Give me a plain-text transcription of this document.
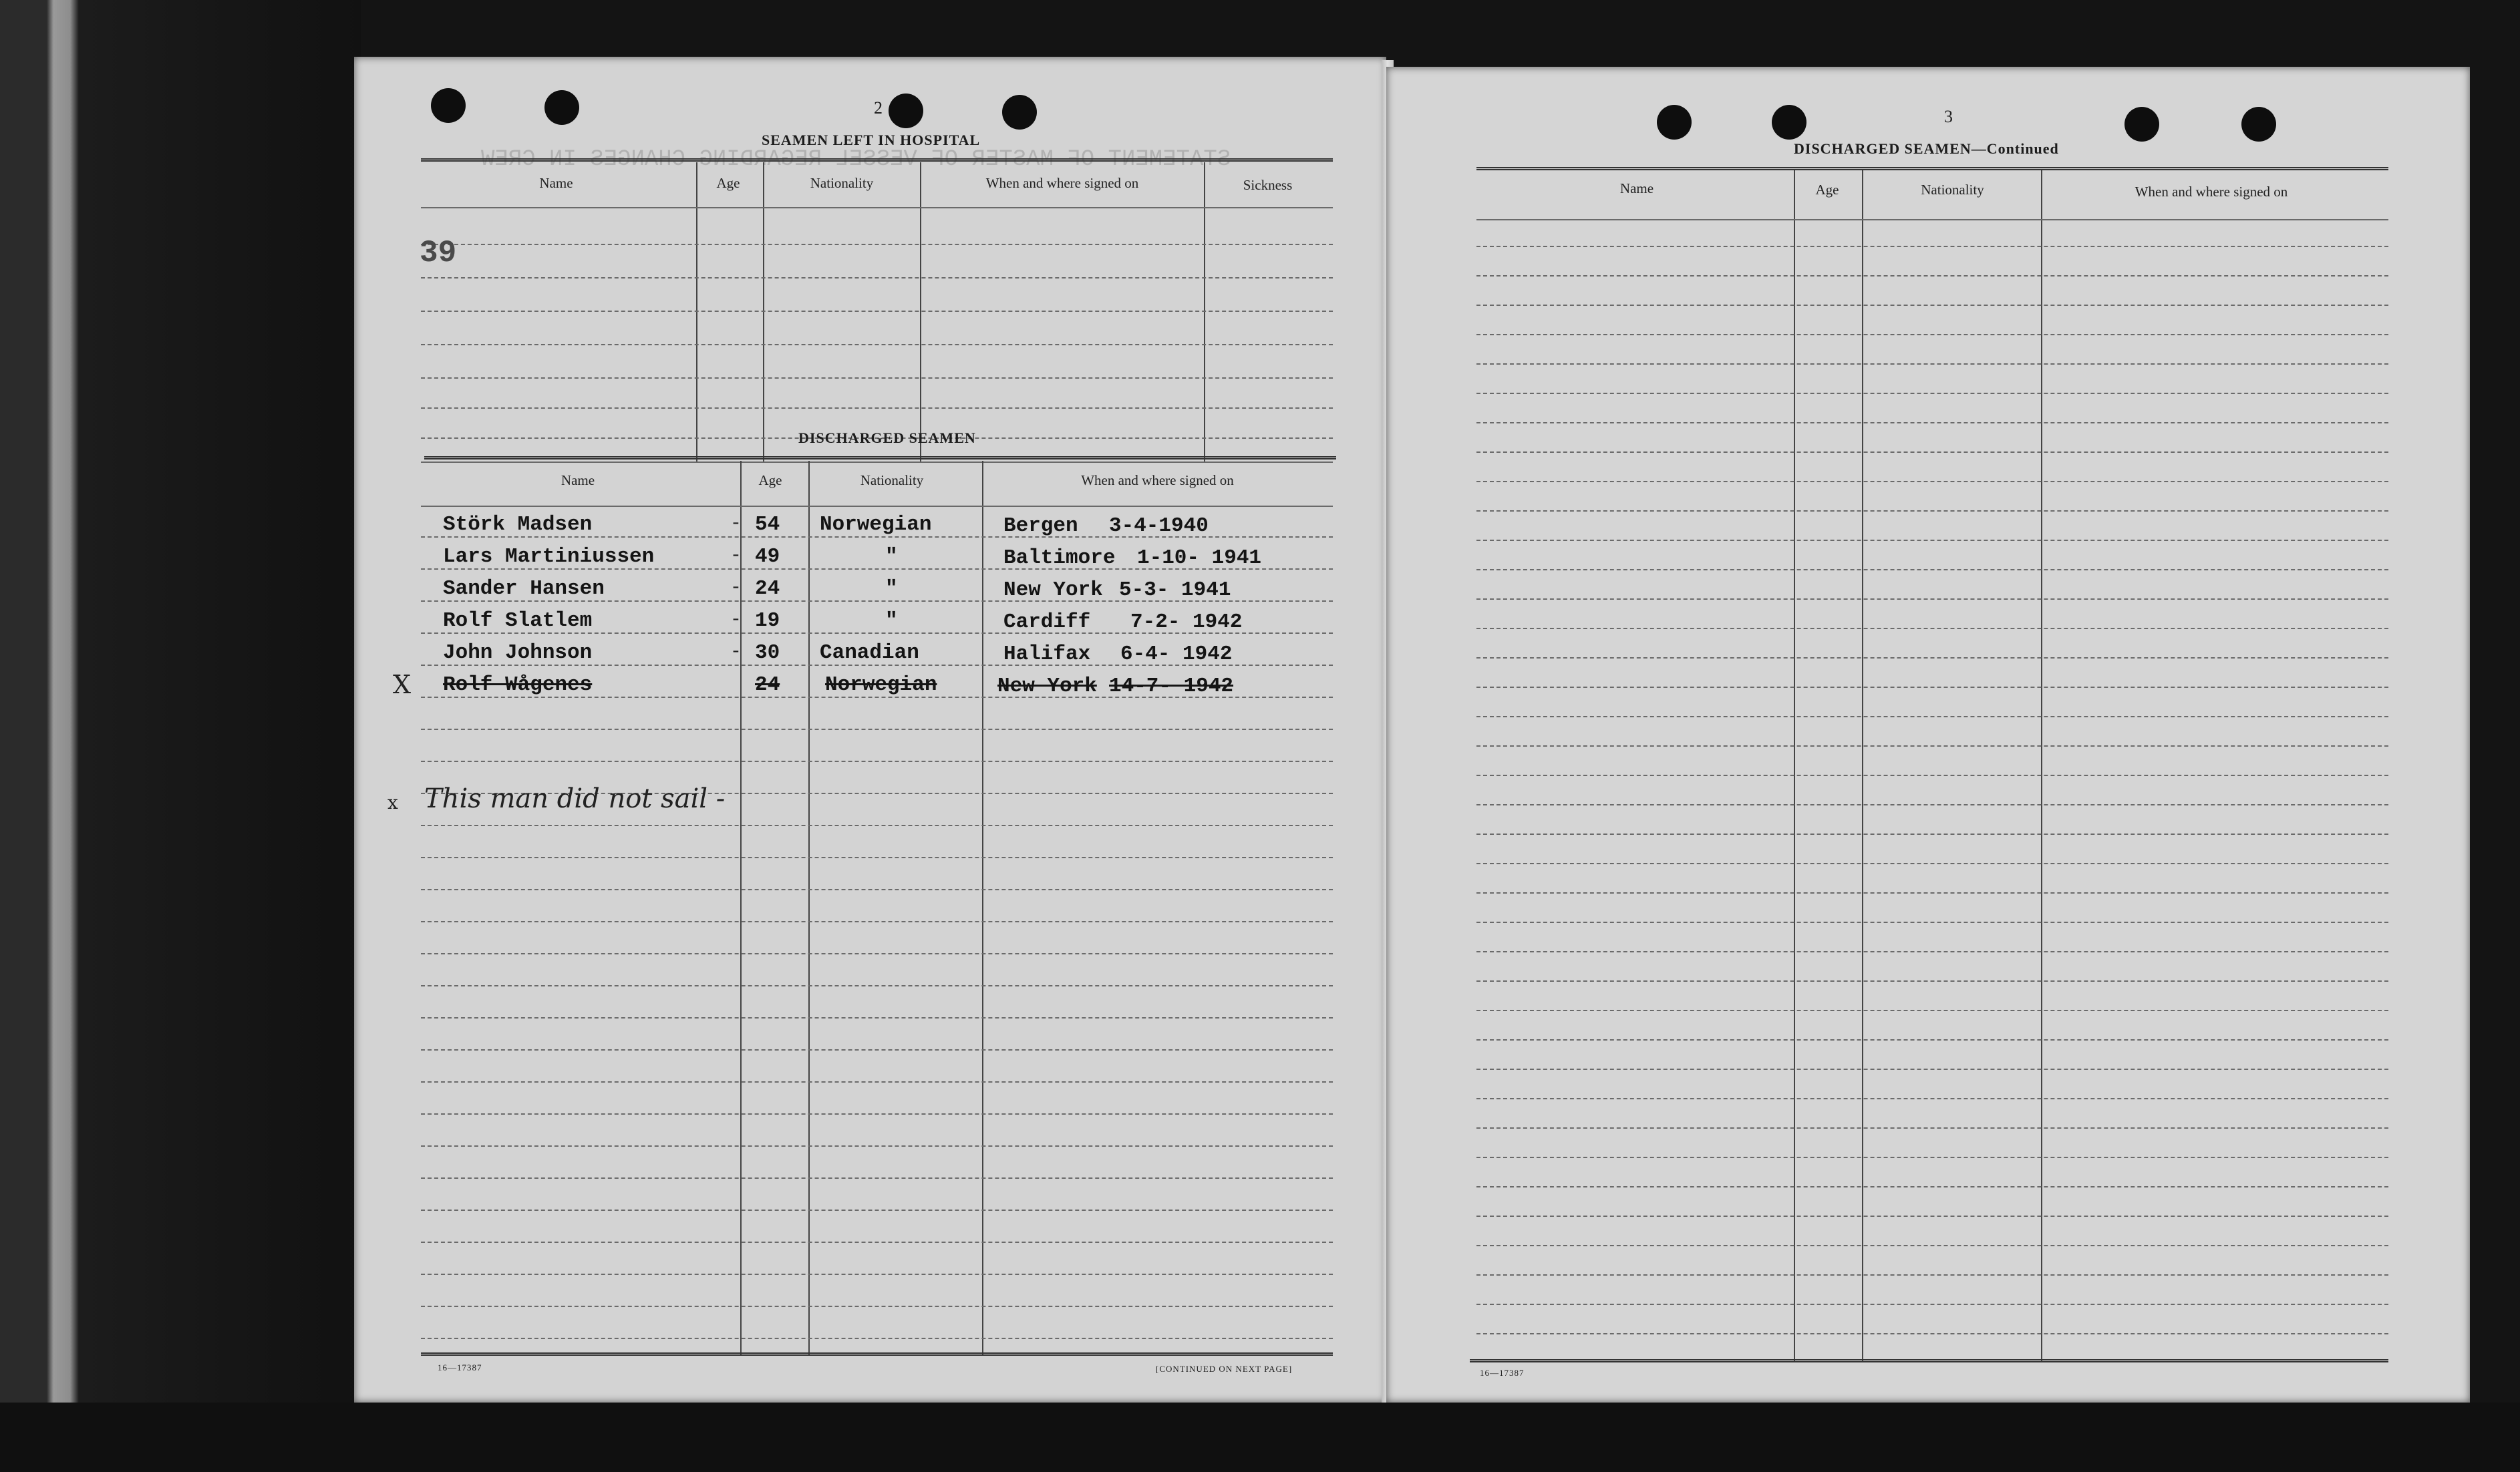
STATEMENT OF MASTER OF VESSEL REGARDING CHANGES IN CREW
2
SEAMEN LEFT IN HOSPITAL
Name	Age	Nationality	When and where signed on	Sickness
39
DISCHARGED SEAMEN
Name	Age	Nationality	When and where signed on
Störk Madsen	- 54 Norwegian	Bergen 3-4-1940
Lars Martiniussen	- 49	"	Baltimore 1-10- 1941
Sander Hansen	- 24	"	New York 5-3- 1941
Rolf Slatlem	- 19	"	Cardiff 7-2- 1942
John Johnson	- 30 Canadian	Halifax 6-4- 1942
X Rolf Wågenes	24 Norwegian	New York 14-7- 1942
x This man did not sail -
16—17387	[CONTINUED ON NEXT PAGE]
3
DISCHARGED SEAMEN—Continued
Name	Age	Nationality	When and where signed on
16—17387
